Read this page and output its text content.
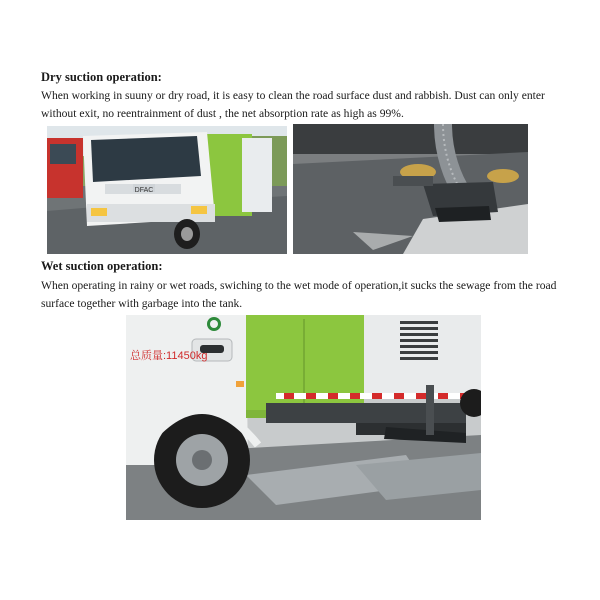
Dry suction operation:

When working in suuny or dry road, it is easy to clean the road surface dust and rabbish. Dust can only enter without exit, no reentrainment of dust , the net absorption rate as high as 99%.

DFAC
Wet suction operation:

When operating in rainy or wet roads, swiching to the wet mode of operation,it sucks the sewage from the road surface together with garbage into the tank.

总质量:11450kg
